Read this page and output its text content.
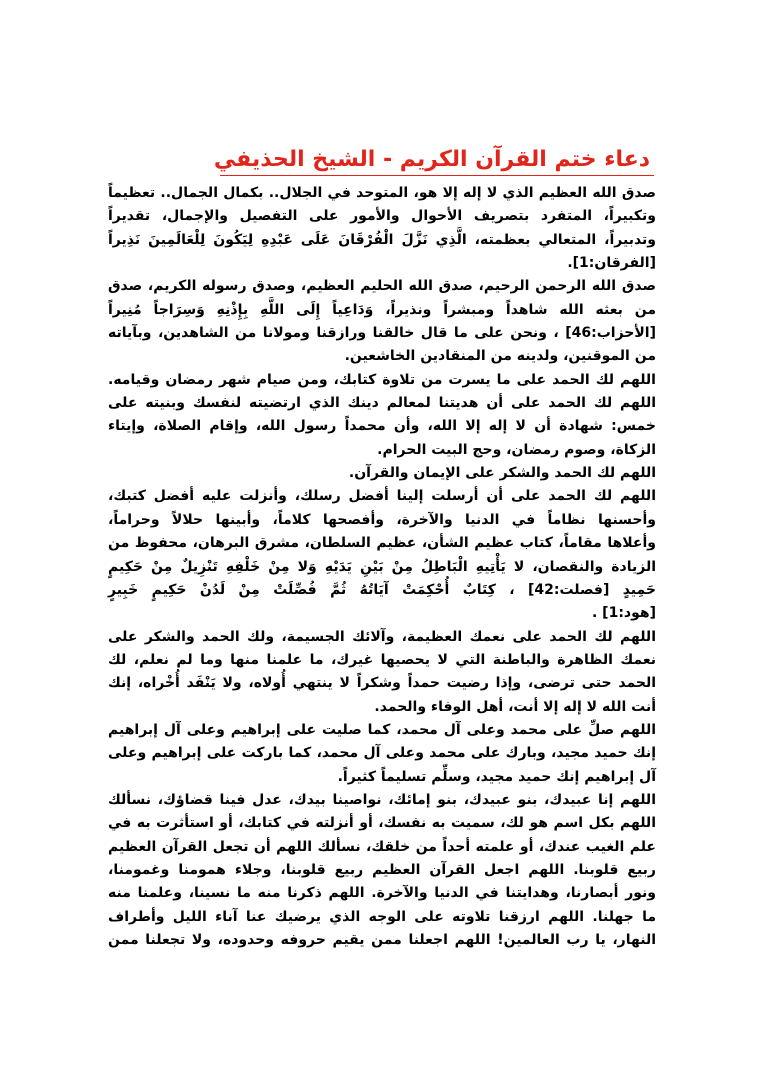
دعاء ختم القرآن الكريم - الشيخ الحذيفي
صدق الله العظيم الذي لا إله إلا هو، المتوحد في الجلال.. بكمال الجمال.. تعظيماً
وتكبيراً، المتفرد بتصريف الأحوال والأمور على التفصيل والإجمال، تقديراً
وتدبيراً، المتعالي بعظمته، الَّذِي نَزَّلَ الْفُرْقَانَ عَلَى عَبْدِهِ لِيَكُونَ لِلْعَالَمِينَ نَذِيراً
[الفرقان:1].
صدق الله الرحمن الرحيم، صدق الله الحليم العظيم، وصدق رسوله الكريم، صدق
من بعثه الله شاهداً ومبشراً ونذيراً، وَدَاعِياً إِلَى اللَّهِ بِإِذْنِهِ وَسِرَاجاً مُنِيراً
[الأحزاب:46] ، ونحن على ما قال خالقنا ورازقنا ومولانا من الشاهدين، وبآياته
من الموقنين، ولدينه من المنقادين الخاشعين.
اللهم لك الحمد على ما يسرت من تلاوة كتابك، ومن صيام شهر رمضان وقيامه.
اللهم لك الحمد على أن هديتنا لمعالم دينك الذي ارتضيته لنفسك وبنيته على
خمس: شهادة أن لا إله إلا الله، وأن محمداً رسول الله، وإقام الصلاة، وإيتاء
الزكاة، وصوم رمضان، وحج البيت الحرام.
اللهم لك الحمد والشكر على الإيمان والقرآن.
اللهم لك الحمد على أن أرسلت إلينا أفضل رسلك، وأنزلت عليه أفضل كتبك،
وأحسنها نظاماً في الدنيا والآخرة، وأفصحها كلاماً، وأبينها حلالاً وحراماً،
وأعلاها مقاماً، كتاب عظيم الشأن، عظيم السلطان، مشرق البرهان، محفوظ من
الزيادة والنقصان، لا يَأْتِيهِ الْبَاطِلُ مِنْ بَيْنِ يَدَيْهِ وَلا مِنْ خَلْفِهِ تَنْزِيلٌ مِنْ حَكِيمٍ
حَمِيدٍ [فصلت:42] ، كِتَابٌ أُحْكِمَتْ آيَاتُهُ ثُمَّ فُصِّلَتْ مِنْ لَدُنْ حَكِيمٍ خَبِيرٍ
[هود:1] .
اللهم لك الحمد على نعمك العظيمة، وآلائك الجسيمة، ولك الحمد والشكر على
نعمك الظاهرة والباطنة التي لا يحصيها غيرك، ما علمنا منها وما لم نعلم، لك
الحمد حتى ترضى، وإذا رضيت حمداً وشكراً لا ينتهي أُولاه، ولا يَنْفَد أُخْراه، إنك
أنت الله لا إله إلا أنت، أهل الوفاء والحمد.
اللهم صلِّ على محمد وعلى آل محمد، كما صليت على إبراهيم وعلى آل إبراهيم
إنك حميد مجيد، وبارك على محمد وعلى آل محمد، كما باركت على إبراهيم وعلى
آل إبراهيم إنك حميد مجيد، وسلِّم تسليماً كثيراً.
اللهم إنا عبيدك، بنو عبيدك، بنو إمائك، نواصينا بيدك، عدل فينا قضاؤك، نسألك
اللهم بكل اسم هو لك، سميت به نفسك، أو أنزلته في كتابك، أو استأثرت به في
علم الغيب عندك، أو علمته أحداً من خلقك، نسألك اللهم أن تجعل القرآن العظيم
ربيع قلوبنا. اللهم اجعل القرآن العظيم ربيع قلوبنا، وجلاء همومنا وغمومنا،
ونور أبصارنا، وهدايتنا في الدنيا والآخرة. اللهم ذكرنا منه ما نسينا، وعلمنا منه
ما جهلنا. اللهم ارزقنا تلاوته على الوجه الذي يرضيك عنا آناء الليل وأطراف
النهار، يا رب العالمين! اللهم اجعلنا ممن يقيم حروفه وحدوده، ولا تجعلنا ممن
